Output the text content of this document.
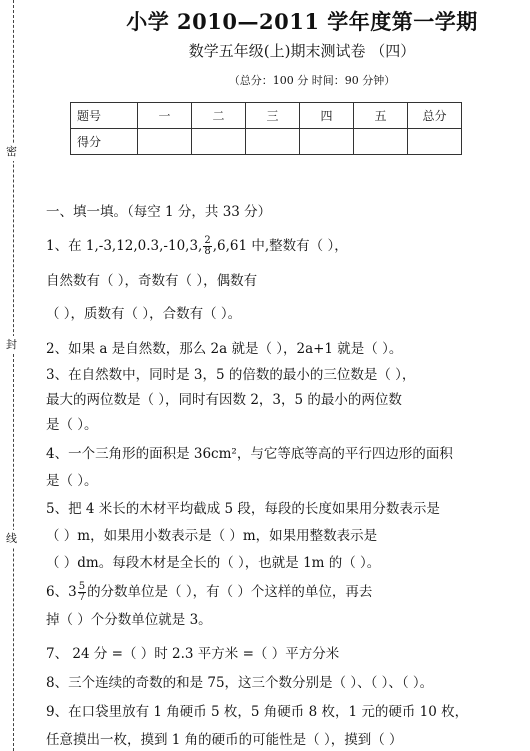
密
封
线
小学 2010—2011 学年度第一学期
数学五年级(上)期末测试卷 （四）
（总分：100 分 时间：90 分钟）
题号	一	二	三	四	五	总分
得分						
一、填一填。（每空 1 分，共 33 分）
1、在 1,-3,12,0.3,-10,3, $\frac{2}{8} ,6,61$ 中,整数有（ ），
自然数有（ ），奇数有（ ），偶数有
（ ），质数有（ ），合数有（ ）。
2、如果 a 是自然数，那么 2a 就是（ ），2a+1 就是（ ）。
3、在自然数中，同时是 3，5 的倍数的最小的三位数是（ ），
最大的两位数是（ ），同时有因数 2，3，5 的最小的两位数
是（ ）。
4、一个三角形的面积是 36cm²，与它等底等高的平行四边形的面积
是（ ）。
5、把 4 米长的木材平均截成 5 段，每段的长度如果用分数表示是
（ ）m，如果用小数表示是（ ）m，如果用整数表示是
（ ）dm。每段木材是全长的（ ），也就是 1m 的（ ）。
6、$3 \frac{5}{7}$ 的分数单位是（ ），有（ ）个这样的单位，再去
掉（ ）个分数单位就是 3。
7、 24 分 =（ ）时 2.3 平方米 =（ ）平方分米
8、三个连续的奇数的和是 75，这三个数分别是（ ）、（ ）、（ ）。
9、在口袋里放有 1 角硬币 5 枚，5 角硬币 8 枚，1 元的硬币 10 枚，
任意摸出一枚，摸到 1 角的硬币的可能性是（ ），摸到（ ）
